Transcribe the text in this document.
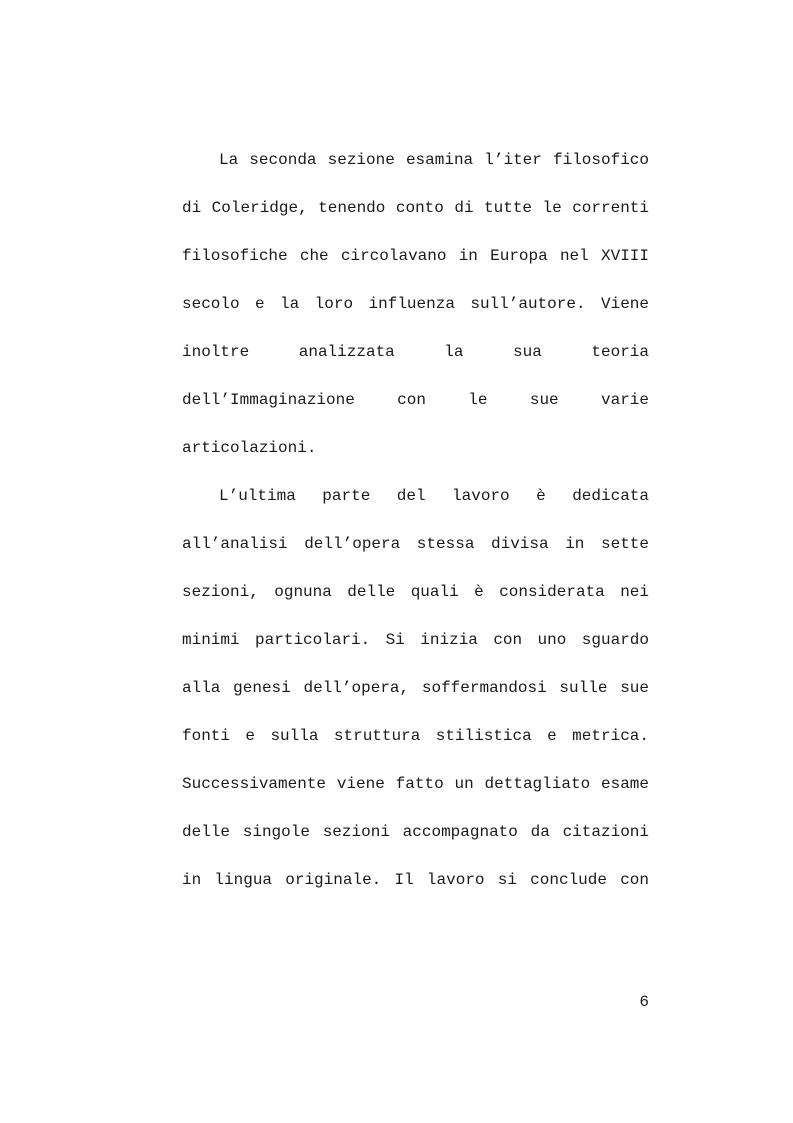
La seconda sezione esamina l’iter filosofico
di Coleridge, tenendo conto di tutte le correnti
filosofiche che circolavano in Europa nel XVIII
secolo e la loro influenza sull’autore. Viene
inoltre analizzata la sua teoria
dell’Immaginazione con le sue varie
articolazioni.
L’ultima parte del lavoro è dedicata
all’analisi dell’opera stessa divisa in sette
sezioni, ognuna delle quali è considerata nei
minimi particolari. Si inizia con uno sguardo
alla genesi dell’opera, soffermandosi sulle sue
fonti e sulla struttura stilistica e metrica.
Successivamente viene fatto un dettagliato esame
delle singole sezioni accompagnato da citazioni
in lingua originale. Il lavoro si conclude con
6
